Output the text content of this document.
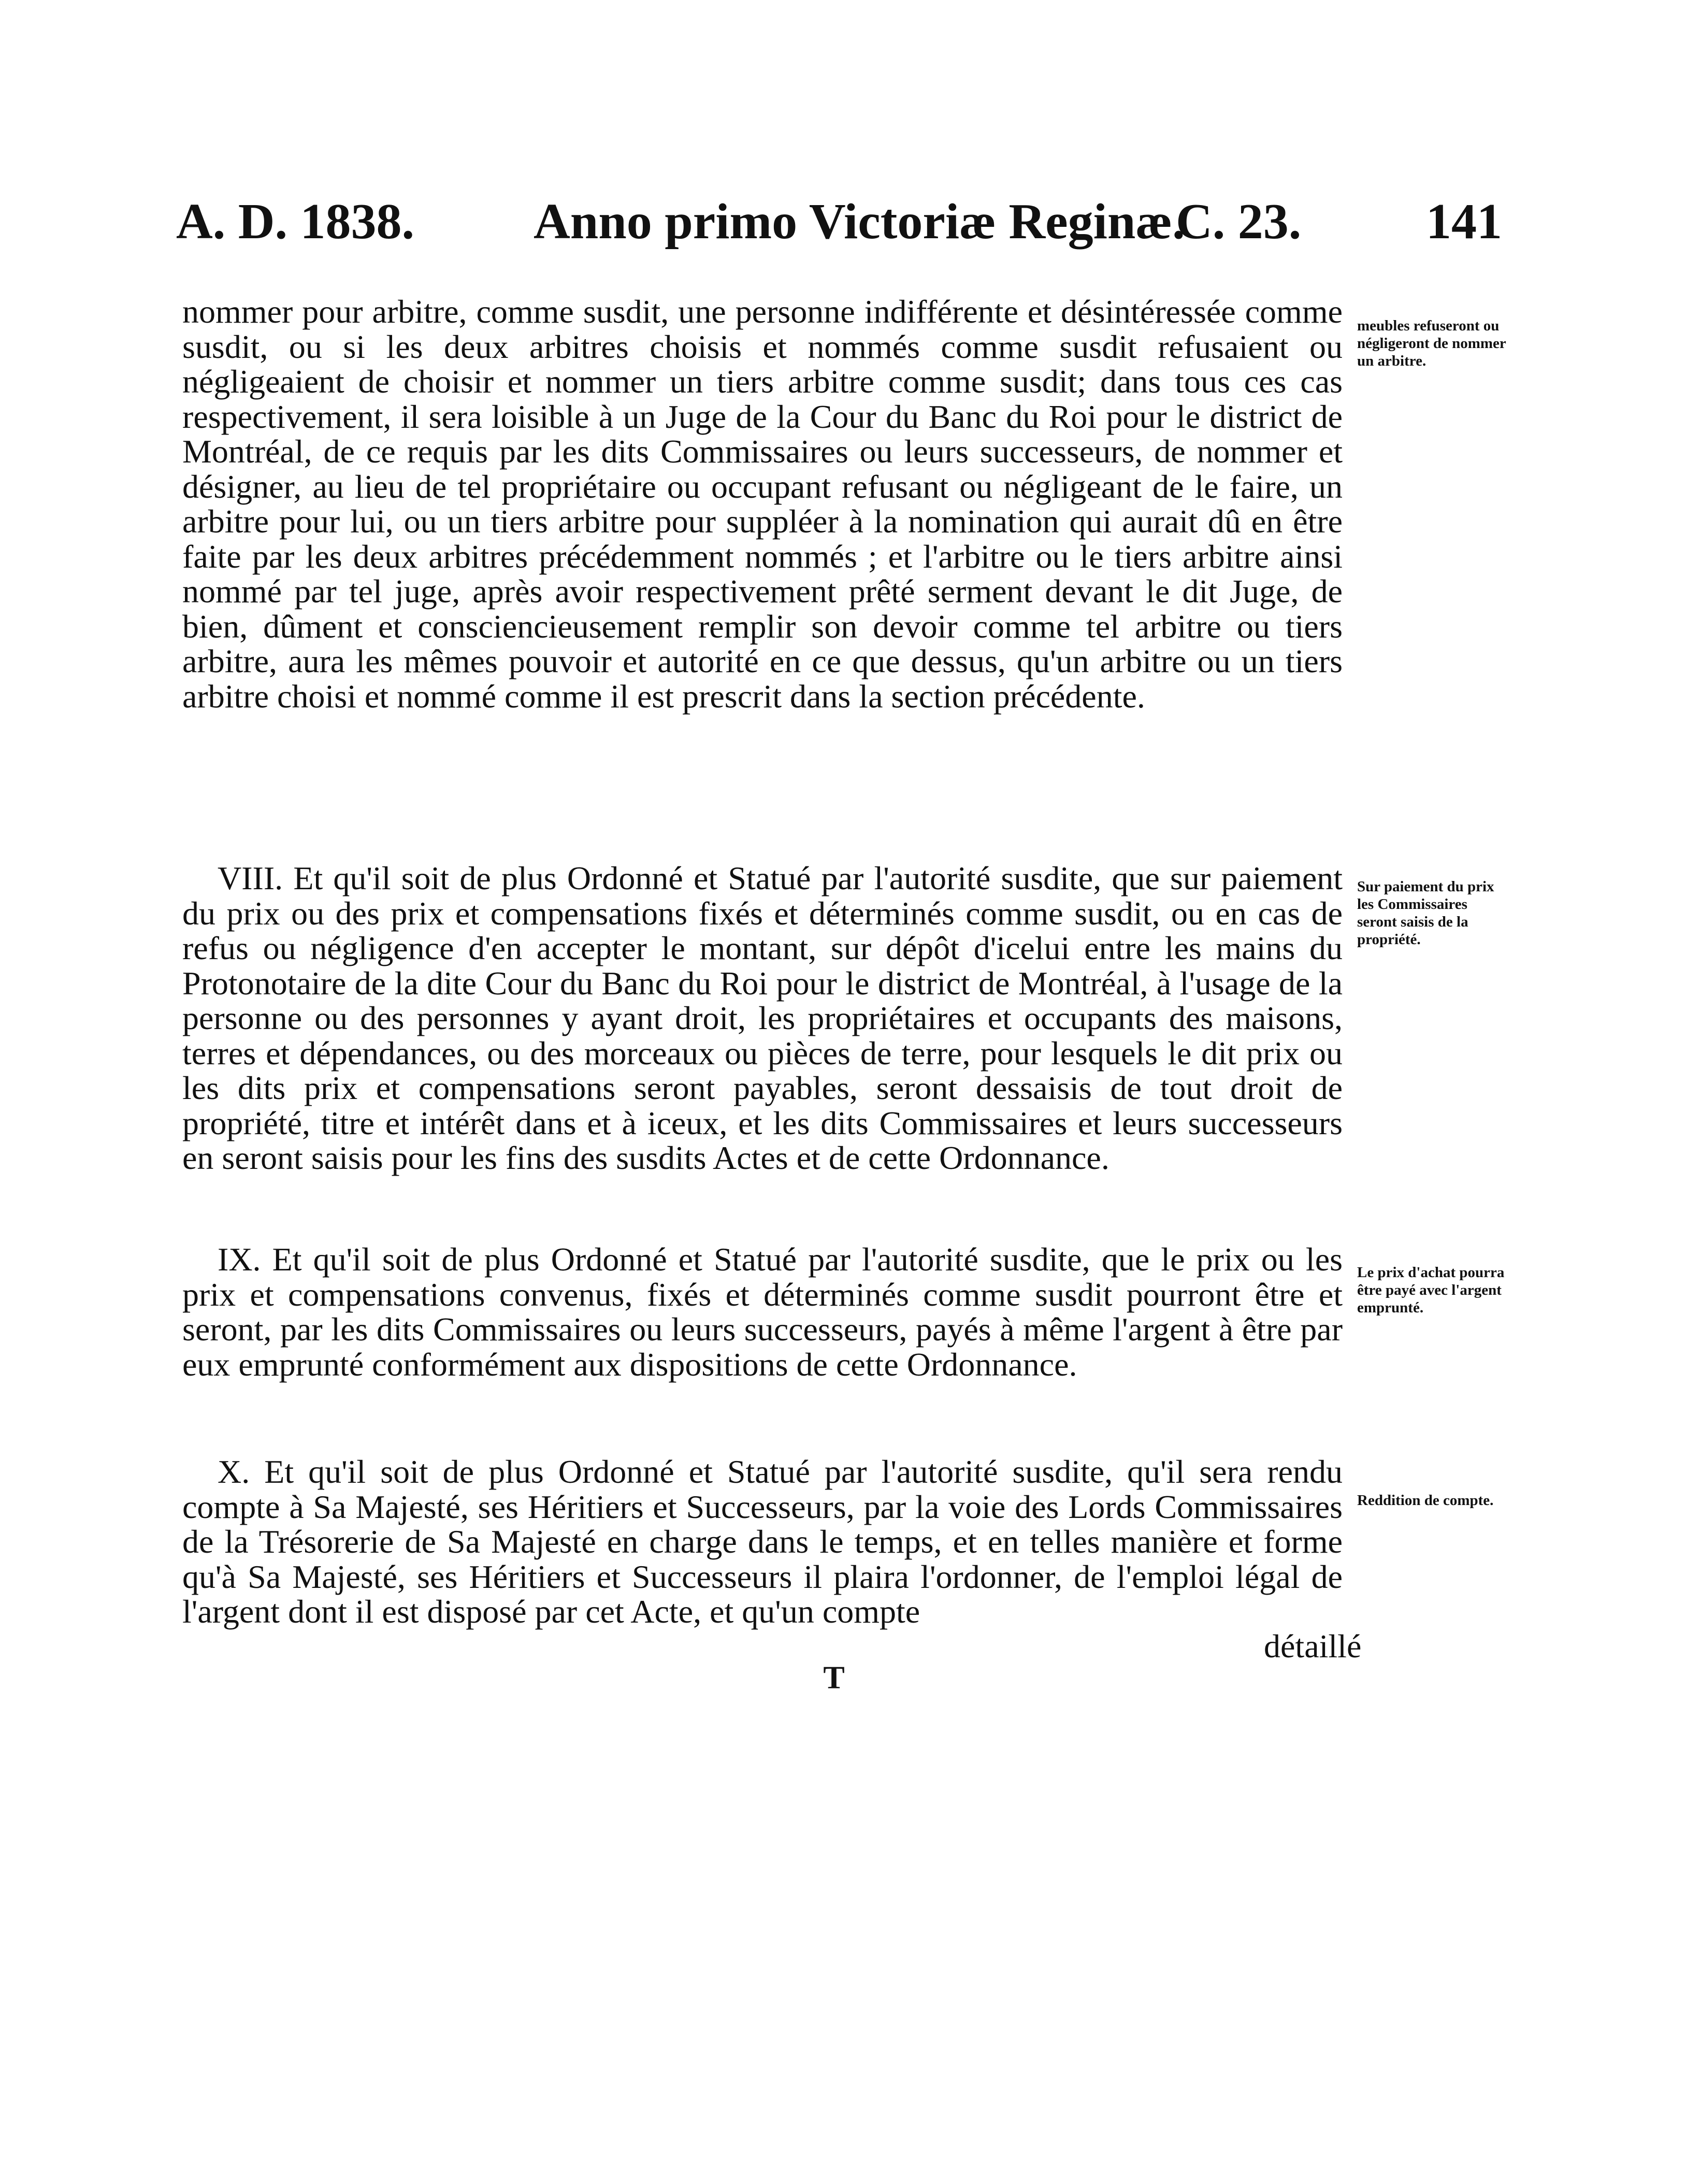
A. D. 1838. Anno primo Victoriæ Reginæ.
C. 23. 141
nommer pour arbitre, comme susdit, une personne indifférente et désintéressée comme susdit, ou si les deux arbitres choisis et nommés comme susdit refusaient ou négligeaient de choisir et nommer un tiers arbitre comme susdit; dans tous ces cas respectivement, il sera loisible à un Juge de la Cour du Banc du Roi pour le district de Montréal, de ce requis par les dits Commissaires ou leurs successeurs, de nommer et désigner, au lieu de tel propriétaire ou occupant refusant ou négligeant de le faire, un arbitre pour lui, ou un tiers arbitre pour suppléer à la nomination qui aurait dû en être faite par les deux arbitres précédemment nommés ; et l'arbitre ou le tiers arbitre ainsi nommé par tel juge, après avoir respectivement prêté serment devant le dit Juge, de bien, dûment et consciencieusement remplir son devoir comme tel arbitre ou tiers arbitre, aura les mêmes pouvoir et autorité en ce que dessus, qu'un arbitre ou un tiers arbitre choisi et nommé comme il est prescrit dans la section précédente.
meubles refuseront ou négligeront de nommer un arbitre.
VIII. Et qu'il soit de plus Ordonné et Statué par l'autorité susdite, que sur paiement du prix ou des prix et compensations fixés et déterminés comme susdit, ou en cas de refus ou négligence d'en accepter le montant, sur dépôt d'icelui entre les mains du Protonotaire de la dite Cour du Banc du Roi pour le district de Montréal, à l'usage de la personne ou des personnes y ayant droit, les propriétaires et occupants des maisons, terres et dépendances, ou des morceaux ou pièces de terre, pour lesquels le dit prix ou les dits prix et compensations seront payables, seront dessaisis de tout droit de propriété, titre et intérêt dans et à iceux, et les dits Commissaires et leurs successeurs en seront saisis pour les fins des susdits Actes et de cette Ordonnance.
Sur paiement du prix les Commissaires seront saisis de la propriété.
IX. Et qu'il soit de plus Ordonné et Statué par l'autorité susdite, que le prix ou les prix et compensations convenus, fixés et déterminés comme susdit pourront être et seront, par les dits Commissaires ou leurs successeurs, payés à même l'argent à être par eux emprunté conformément aux dispositions de cette Ordonnance.
Le prix d'achat pourra être payé avec l'argent emprunté.
X. Et qu'il soit de plus Ordonné et Statué par l'autorité susdite, qu'il sera rendu compte à Sa Majesté, ses Héritiers et Successeurs, par la voie des Lords Commissaires de la Trésorerie de Sa Majesté en charge dans le temps, et en telles manière et forme qu'à Sa Majesté, ses Héritiers et Successeurs il plaira l'ordonner, de l'emploi légal de l'argent dont il est disposé par cet Acte, et qu'un compte
Reddition de compte.
détaillé
T
